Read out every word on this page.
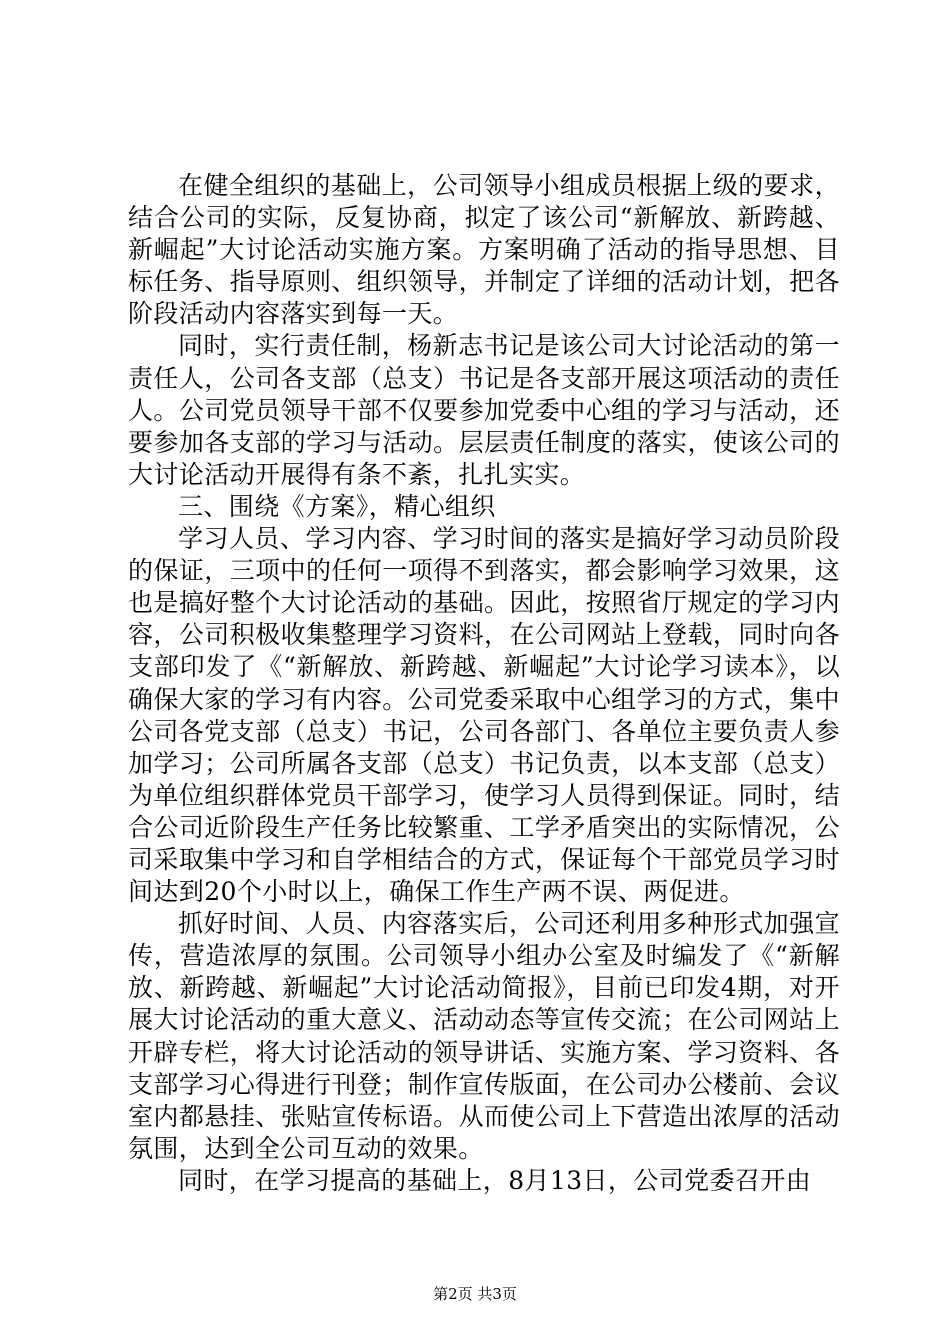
在健全组织的基础上，公司领导小组成员根据上级的要求，结合公司的实际，反复协商，拟定了该公司“新解放、新跨越、新崛起”大讨论活动实施方案。方案明确了活动的指导思想、目标任务、指导原则、组织领导，并制定了详细的活动计划，把各阶段活动内容落实到每一天。

同时，实行责任制，杨新志书记是该公司大讨论活动的第一责任人，公司各支部（总支）书记是各支部开展这项活动的责任人。公司党员领导干部不仅要参加党委中心组的学习与活动，还要参加各支部的学习与活动。层层责任制度的落实，使该公司的大讨论活动开展得有条不紊，扎扎实实。

三、围绕《方案》，精心组织

学习人员、学习内容、学习时间的落实是搞好学习动员阶段的保证，三项中的任何一项得不到落实，都会影响学习效果，这也是搞好整个大讨论活动的基础。因此，按照省厅规定的学习内容，公司积极收集整理学习资料，在公司网站上登载，同时向各支部印发了《“新解放、新跨越、新崛起”大讨论学习读本》，以确保大家的学习有内容。公司党委采取中心组学习的方式，集中公司各党支部（总支）书记，公司各部门、各单位主要负责人参加学习；公司所属各支部（总支）书记负责，以本支部（总支）为单位组织群体党员干部学习，使学习人员得到保证。同时，结合公司近阶段生产任务比较繁重、工学矛盾突出的实际情况，公司采取集中学习和自学相结合的方式，保证每个干部党员学习时间达到20个小时以上，确保工作生产两不误、两促进。

抓好时间、人员、内容落实后，公司还利用多种形式加强宣传，营造浓厚的氛围。公司领导小组办公室及时编发了《“新解放、新跨越、新崛起”大讨论活动简报》，目前已印发4期，对开展大讨论活动的重大意义、活动动态等宣传交流；在公司网站上开辟专栏，将大讨论活动的领导讲话、实施方案、学习资料、各支部学习心得进行刊登；制作宣传版面，在公司办公楼前、会议室内都悬挂、张贴宣传标语。从而使公司上下营造出浓厚的活动氛围，达到全公司互动的效果。

同时，在学习提高的基础上，8月13日，公司党委召开由

第2页 共3页
